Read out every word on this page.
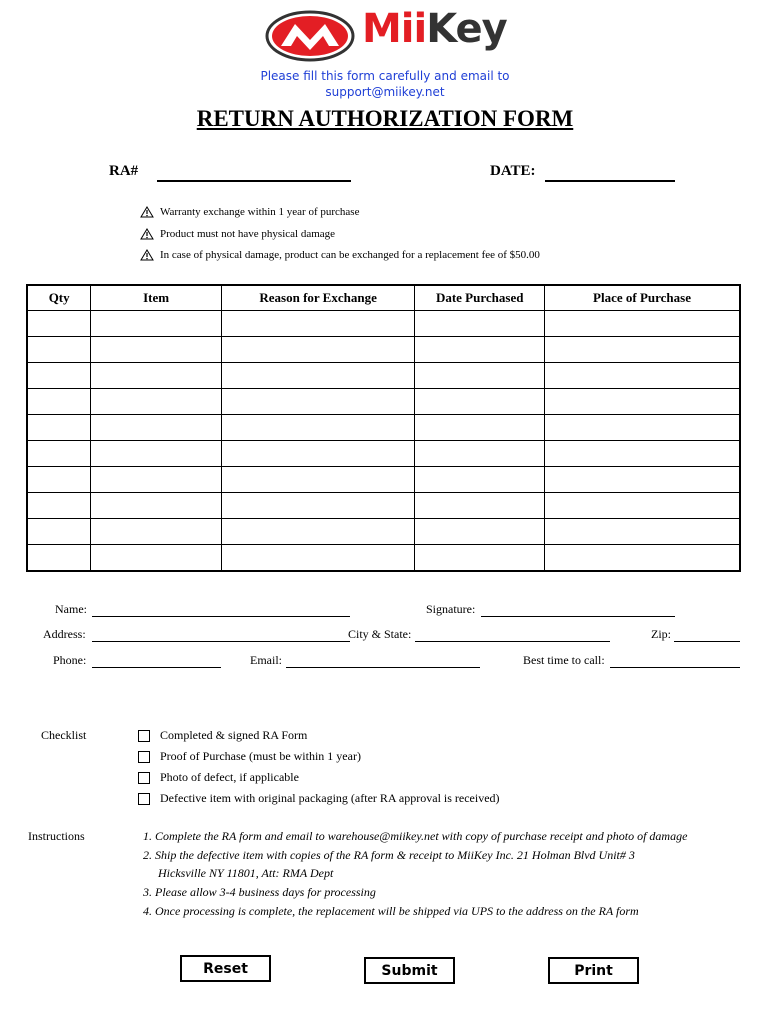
MiiKey
Please fill this form carefully and email to
support@miikey.net
RETURN AUTHORIZATION FORM
RA#	DATE:
Warranty exchange within 1 year of purchase
Product must not have physical damage
In case of physical damage, product can be exchanged for a replacement fee of $50.00
Qty	Item	Reason for Exchange	Date Purchased	Place of Purchase

Name:	Signature:
Address:	City & State:	Zip:
Phone:	Email:	Best time to call:
Checklist	Completed & signed RA Form
Proof of Purchase (must be within 1 year)
Photo of defect, if applicable
Defective item with original packaging (after RA approval is received)
Instructions	1. Complete the RA form and email to warehouse@miikey.net with copy of purchase receipt and photo of damage
2. Ship the defective item with copies of the RA form & receipt to MiiKey Inc. 21 Holman Blvd Unit# 3
Hicksville NY 11801, Att: RMA Dept
3. Please allow 3-4 business days for processing
4. Once processing is complete, the replacement will be shipped via UPS to the address on the RA form
Reset	Submit	Print
